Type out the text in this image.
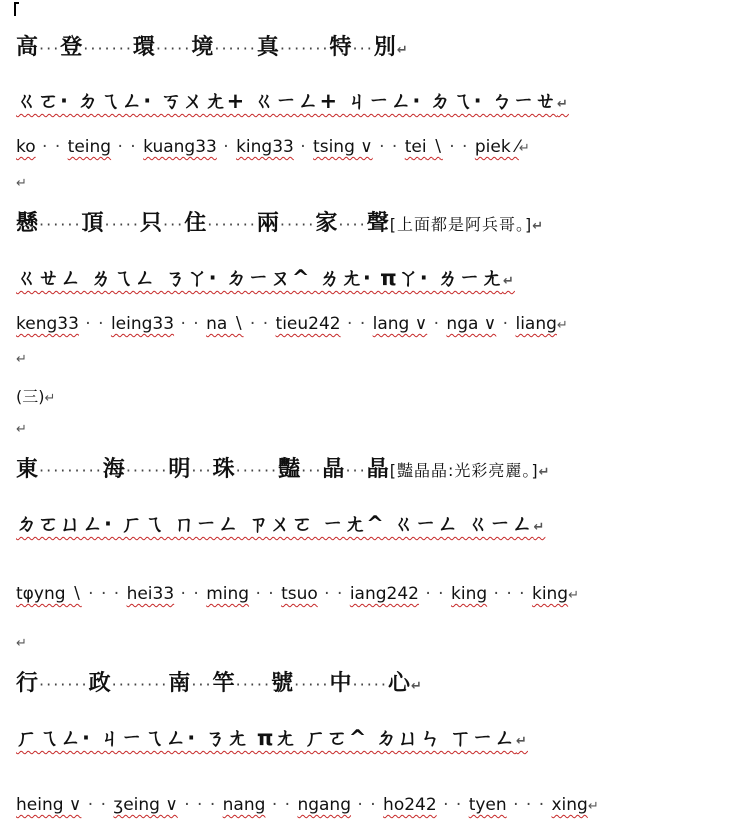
高···登·······環·····境······真·······特···別↵
ㄍㄛ· ㄉㄟㄥ· ㄎㄨㄤ+ ㄍㄧㄥ+ ㄐㄧㄥ· ㄉㄟ· ㄅㄧㄝ↵
ko · · teing · · kuang33 · king33 · tsing ∨ · · tei ∖ · · piek ⁄↵
↵
懸······頂·····只···住·······兩·····家····聲[上面都是阿兵哥。]↵
ㄍㄝㄥ ㄌㄟㄥ ㄋㄚ· ㄉㄧㄡ^ ㄌㄤ· πㄚ· ㄌㄧㄤ↵
keng33 · · leing33 · · na ∖ · · tieu242 · · lang ∨ · nga ∨ · liang↵
↵
(三)↵
↵
東·········海······明···珠······豔···晶···晶[豔晶晶:光彩亮麗。]↵
ㄉㄛㄩㄥ· ㄏㄟ ㄇㄧㄥ ㄗㄨㄛ ㄧㄤ^ ㄍㄧㄥ ㄍㄧㄥ↵
tφyng ∖ · · · hei33 · · ming · · tsuo · · iang242 · · king · · · king↵
↵
行·······政········南···竿·····號·····中·····心↵
ㄏㄟㄥ· ㄐㄧㄟㄥ· ㄋㄤ πㄤ ㄏㄛ^ ㄉㄩㄣ ㄒㄧㄥ↵
heing ∨ · · ʒeing ∨ · · · nang · · ngang · · ho242 · · tyen · · · xing↵
